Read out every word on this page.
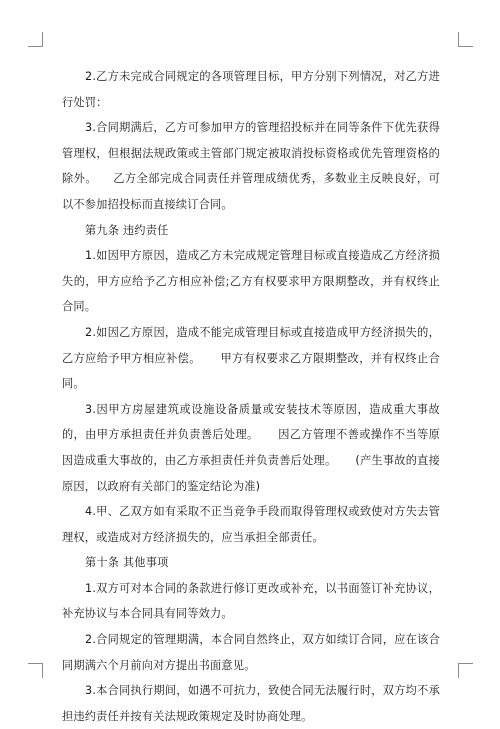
2.乙方未完成合同规定的各项管理目标，甲方分别下列情况，对乙方进行处罚：

3.合同期满后，乙方可参加甲方的管理招投标并在同等条件下优先获得管理权，但根据法规政策或主管部门规定被取消投标资格或优先管理资格的除外。    乙方全部完成合同责任并管理成绩优秀，多数业主反映良好，可以不参加招投标而直接续订合同。

第九条 违约责任

1.如因甲方原因，造成乙方未完成规定管理目标或直接造成乙方经济损失的，甲方应给予乙方相应补偿;乙方有权要求甲方限期整改，并有权终止合同。

2.如因乙方原因，造成不能完成管理目标或直接造成甲方经济损失的，乙方应给予甲方相应补偿。     甲方有权要求乙方限期整改，并有权终止合同。

3.因甲方房屋建筑或设施设备质量或安装技术等原因，造成重大事故的，由甲方承担责任并负责善后处理。     因乙方管理不善或操作不当等原因造成重大事故的，由乙方承担责任并负责善后处理。     (产生事故的直接原因，以政府有关部门的鉴定结论为准)

4.甲、乙双方如有采取不正当竞争手段而取得管理权或致使对方失去管理权，或造成对方经济损失的，应当承担全部责任。

第十条 其他事项

1.双方可对本合同的条款进行修订更改或补充，以书面签订补充协议，补充协议与本合同具有同等效力。

2.合同规定的管理期满，本合同自然终止，双方如续订合同，应在该合同期满六个月前向对方提出书面意见。

3.本合同执行期间，如遇不可抗力，致使合同无法履行时，双方均不承担违约责任并按有关法规政策规定及时协商处理。
